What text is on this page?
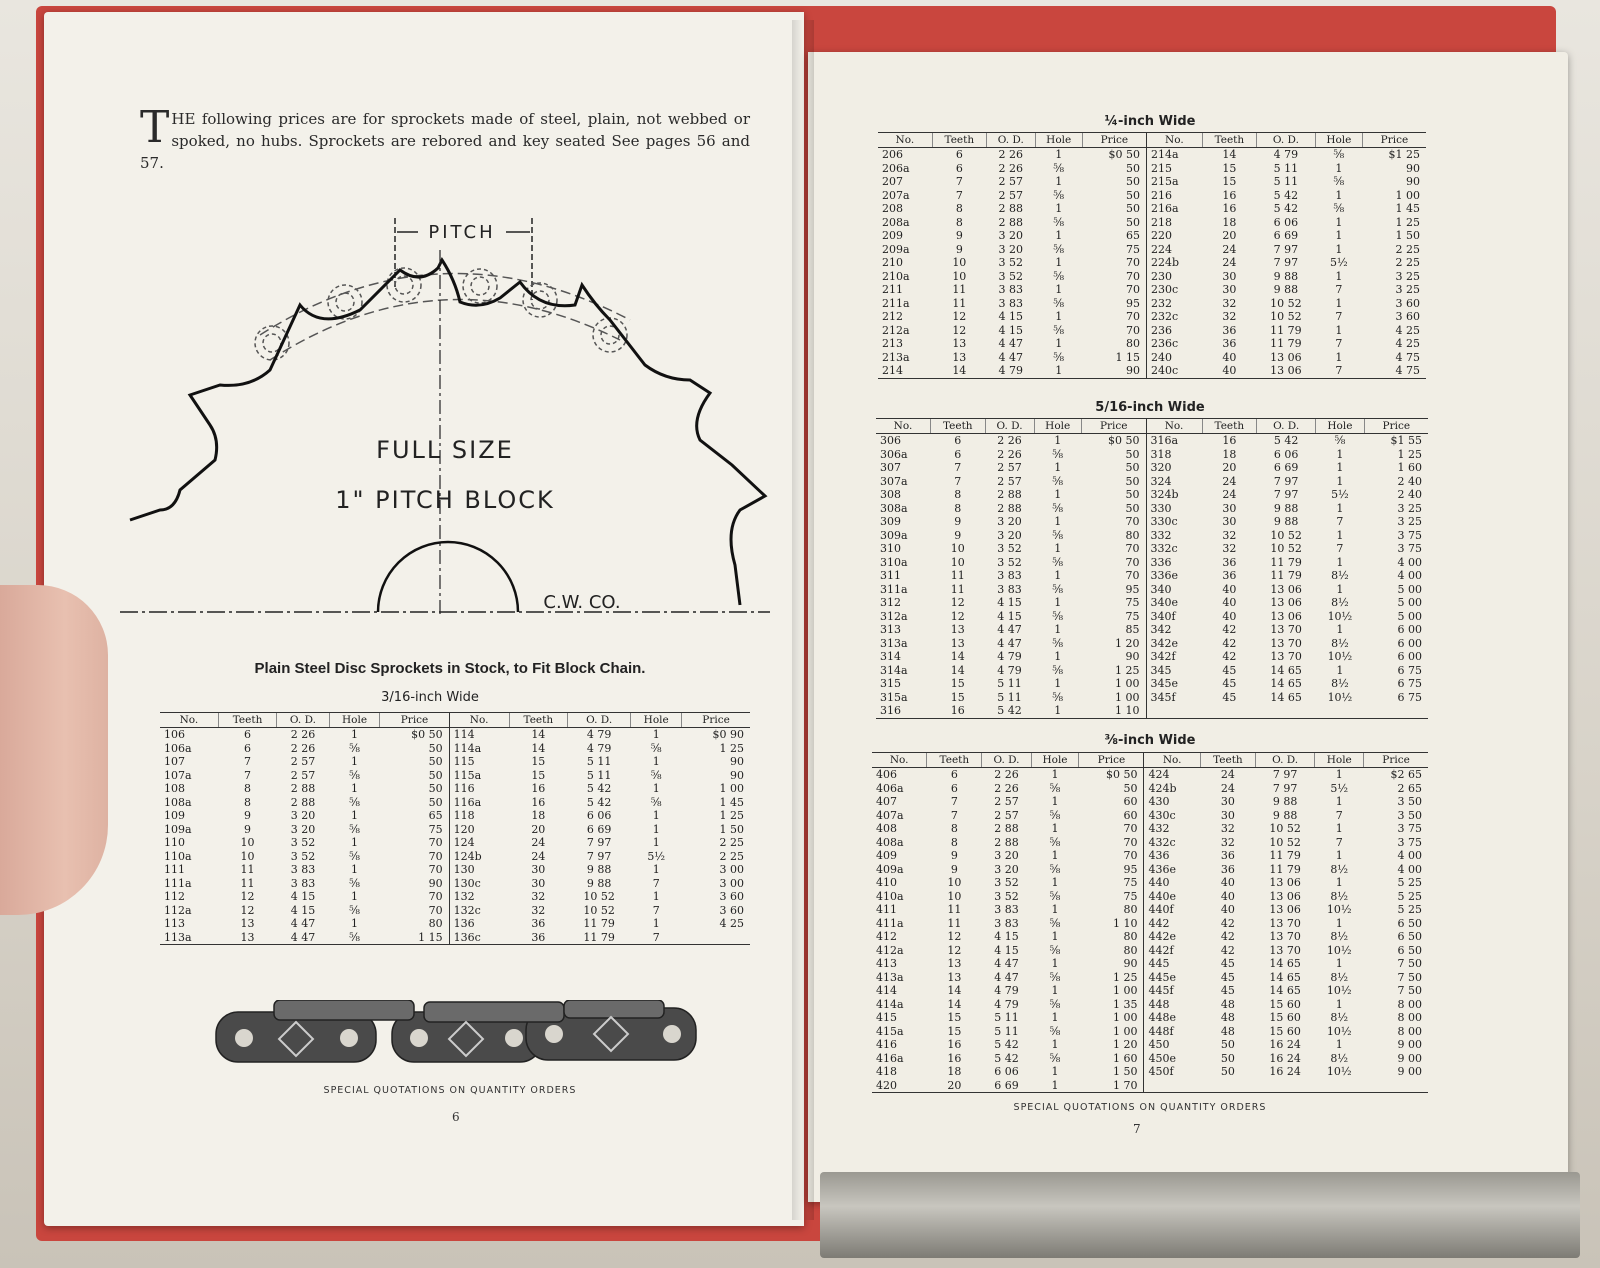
T HE following prices are for sprockets made of steel, plain, not webbed or spoked, no hubs. Sprockets are rebored and key seated See pages 56 and 57.
PITCH
FULL SIZE
1" PITCH BLOCK
C.W. CO.
Plain Steel Disc Sprockets in Stock, to Fit Block Chain.
3/16-inch Wide
No.	Teeth	O. D.	Hole	Price	No.	Teeth	O. D.	Hole	Price
106	6	2 26	1	$0 50	114	14	4 79	1	$0 90
106a	6	2 26	⅝	50	114a	14	4 79	⅝	1 25
107	7	2 57	1	50	115	15	5 11	1	90
107a	7	2 57	⅝	50	115a	15	5 11	⅝	90
108	8	2 88	1	50	116	16	5 42	1	1 00
108a	8	2 88	⅝	50	116a	16	5 42	⅝	1 45
109	9	3 20	1	65	118	18	6 06	1	1 25
109a	9	3 20	⅝	75	120	20	6 69	1	1 50
110	10	3 52	1	70	124	24	7 97	1	2 25
110a	10	3 52	⅝	70	124b	24	7 97	5½	2 25
111	11	3 83	1	70	130	30	9 88	1	3 00
111a	11	3 83	⅝	90	130c	30	9 88	7	3 00
112	12	4 15	1	70	132	32	10 52	1	3 60
112a	12	4 15	⅝	70	132c	32	10 52	7	3 60
113	13	4 47	1	80	136	36	11 79	1	4 25
113a	13	4 47	⅝	1 15	136c	36	11 79	7	
SPECIAL QUOTATIONS ON QUANTITY ORDERS
6
¼-inch Wide
No.	Teeth	O. D.	Hole	Price	No.	Teeth	O. D.	Hole	Price
206	6	2 26	1	$0 50	214a	14	4 79	⅝	$1 25
206a	6	2 26	⅝	50	215	15	5 11	1	90
207	7	2 57	1	50	215a	15	5 11	⅝	90
207a	7	2 57	⅝	50	216	16	5 42	1	1 00
208	8	2 88	1	50	216a	16	5 42	⅝	1 45
208a	8	2 88	⅝	50	218	18	6 06	1	1 25
209	9	3 20	1	65	220	20	6 69	1	1 50
209a	9	3 20	⅝	75	224	24	7 97	1	2 25
210	10	3 52	1	70	224b	24	7 97	5½	2 25
210a	10	3 52	⅝	70	230	30	9 88	1	3 25
211	11	3 83	1	70	230c	30	9 88	7	3 25
211a	11	3 83	⅝	95	232	32	10 52	1	3 60
212	12	4 15	1	70	232c	32	10 52	7	3 60
212a	12	4 15	⅝	70	236	36	11 79	1	4 25
213	13	4 47	1	80	236c	36	11 79	7	4 25
213a	13	4 47	⅝	1 15	240	40	13 06	1	4 75
214	14	4 79	1	90	240c	40	13 06	7	4 75
5/16-inch Wide
No.	Teeth	O. D.	Hole	Price	No.	Teeth	O. D.	Hole	Price
306	6	2 26	1	$0 50	316a	16	5 42	⅝	$1 55
306a	6	2 26	⅝	50	318	18	6 06	1	1 25
307	7	2 57	1	50	320	20	6 69	1	1 60
307a	7	2 57	⅝	50	324	24	7 97	1	2 40
308	8	2 88	1	50	324b	24	7 97	5½	2 40
308a	8	2 88	⅝	50	330	30	9 88	1	3 25
309	9	3 20	1	70	330c	30	9 88	7	3 25
309a	9	3 20	⅝	80	332	32	10 52	1	3 75
310	10	3 52	1	70	332c	32	10 52	7	3 75
310a	10	3 52	⅝	70	336	36	11 79	1	4 00
311	11	3 83	1	70	336e	36	11 79	8½	4 00
311a	11	3 83	⅝	95	340	40	13 06	1	5 00
312	12	4 15	1	75	340e	40	13 06	8½	5 00
312a	12	4 15	⅝	75	340f	40	13 06	10½	5 00
313	13	4 47	1	85	342	42	13 70	1	6 00
313a	13	4 47	⅝	1 20	342e	42	13 70	8½	6 00
314	14	4 79	1	90	342f	42	13 70	10½	6 00
314a	14	4 79	⅝	1 25	345	45	14 65	1	6 75
315	15	5 11	1	1 00	345e	45	14 65	8½	6 75
315a	15	5 11	⅝	1 00	345f	45	14 65	10½	6 75
316	16	5 42	1	1 10					
⅜-inch Wide
No.	Teeth	O. D.	Hole	Price	No.	Teeth	O. D.	Hole	Price
406	6	2 26	1	$0 50	424	24	7 97	1	$2 65
406a	6	2 26	⅝	50	424b	24	7 97	5½	2 65
407	7	2 57	1	60	430	30	9 88	1	3 50
407a	7	2 57	⅝	60	430c	30	9 88	7	3 50
408	8	2 88	1	70	432	32	10 52	1	3 75
408a	8	2 88	⅝	70	432c	32	10 52	7	3 75
409	9	3 20	1	70	436	36	11 79	1	4 00
409a	9	3 20	⅝	95	436e	36	11 79	8½	4 00
410	10	3 52	1	75	440	40	13 06	1	5 25
410a	10	3 52	⅝	75	440e	40	13 06	8½	5 25
411	11	3 83	1	80	440f	40	13 06	10½	5 25
411a	11	3 83	⅝	1 10	442	42	13 70	1	6 50
412	12	4 15	1	80	442e	42	13 70	8½	6 50
412a	12	4 15	⅝	80	442f	42	13 70	10½	6 50
413	13	4 47	1	90	445	45	14 65	1	7 50
413a	13	4 47	⅝	1 25	445e	45	14 65	8½	7 50
414	14	4 79	1	1 00	445f	45	14 65	10½	7 50
414a	14	4 79	⅝	1 35	448	48	15 60	1	8 00
415	15	5 11	1	1 00	448e	48	15 60	8½	8 00
415a	15	5 11	⅝	1 00	448f	48	15 60	10½	8 00
416	16	5 42	1	1 20	450	50	16 24	1	9 00
416a	16	5 42	⅝	1 60	450e	50	16 24	8½	9 00
418	18	6 06	1	1 50	450f	50	16 24	10½	9 00
420	20	6 69	1	1 70					
SPECIAL QUOTATIONS ON QUANTITY ORDERS
7
